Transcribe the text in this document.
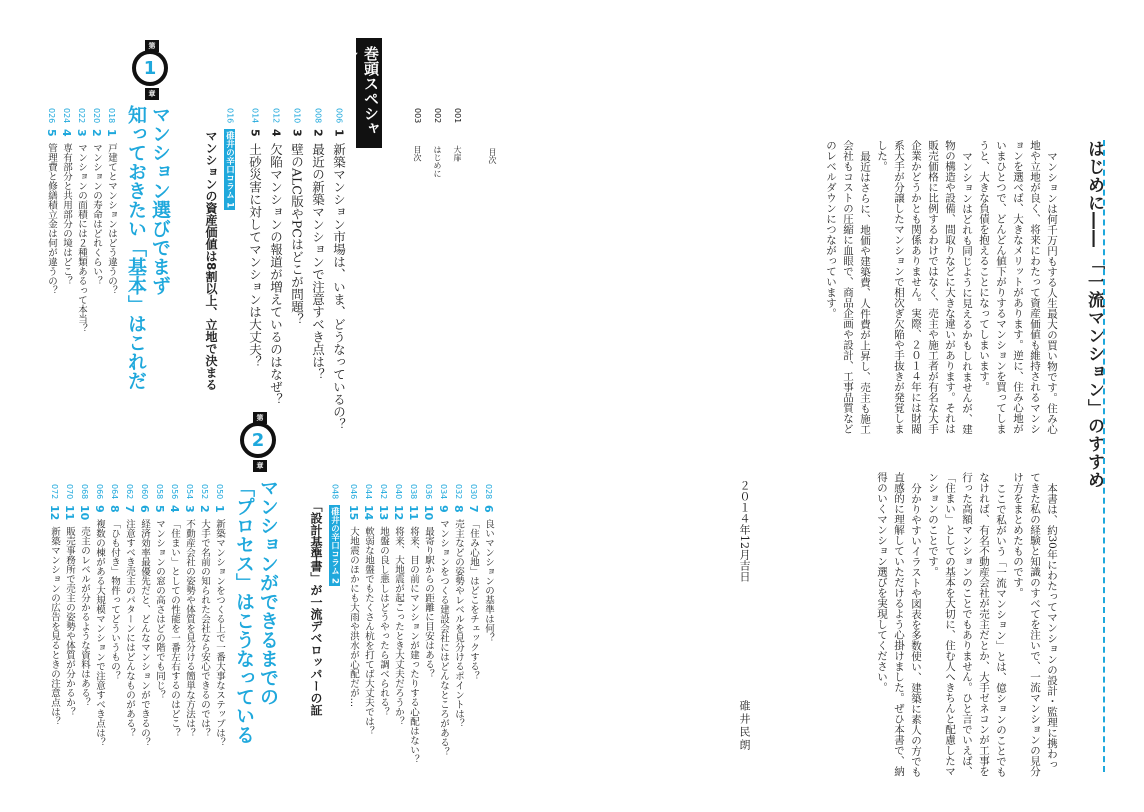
はじめに―― 「一流マンション」のすすめ

マンションは何千万円もする人生最大の買い物です。住み心地や立地が良く、将来にわたって資産価値も維持されるマンションを選べば、大きなメリットがあります。逆に、住み心地がいまひとつで、どんどん値下がりするマンションを買ってしまうと、大きな負債を抱えることになってしまいます。

マンションはどれも同じように見えるかもしれませんが、建物の構造や設備、間取りなどに大きな違いがあります。それは販売価格に比例するわけではなく、売主や施工者が有名な大手企業かどうかとも関係ありません。実際、２０１４年には財閥系大手が分譲したマンションで相次ぎ欠陥や手抜きが発覚しました。

最近はさらに、地価や建築費、人件費が上昇し、売主も施工会社もコストの圧縮に血眼で、商品企画や設計、工事品質などのレベルダウンにつながっています。

本書は、約30年にわたってマンションの設計・監理に携わってきた私の経験と知識のすべてを注いで、一流マンションの見分け方をまとめたものです。

ここで私がいう「一流マンション」とは、億ションのことでもなければ、有名不動産会社が売主だとか、大手ゼネコンが工事を行った高額マンションのことでもありません。ひと言でいえば、「住まい」としての基本を大切に、住む人へきちんと配慮したマンションのことです。

分かりやすいイラストや図表を多数使い、建築に素人の方でも直感的に理解していただけるよう心掛けました。ぜひ本書で、納得のいくマンション選びを実現してください。

２０１４年12月吉日
碓井民朗
目次
001大扉
002はじめに
003目次
巻頭スペシャル
0061新築マンション市場は、いま、どうなっているの？
0082最近の新築マンションで注意すべき点は？
0103壁のALC版やPCはどこが問題？
0124欠陥マンションの報道が増えているのはなぜ？
0145土砂災害に対してマンションは大丈夫？
016碓井の辛口コラム 1
マンションの資産価値は8割以上、立地で決まる
第
1
章
マンション選びでまず
知っておきたい「基本」はこれだ
0181戸建てとマンションはどう違うの？
0202マンションの寿命はどれくらい？
0223マンションの面積には２種類あるって本当？
0244専有部分と共用部分の境はどこ？
0265管理費と修繕積立金は何が違うの？
第
2
章
マンションができるまでの
「プロセス」はこうなっている	0286良いマンションの基準は何？
0307「住み心地」はどこをチェックする？
0328売主などの姿勢やレベルを見分けるポイントは？
0349マンションをつくる建設会社にはどんなところがある？
03610最寄り駅からの距離に目安はある？
03811将来、目の前にマンションが建ったりする心配はない？
04012将来、大地震が起こったとき大丈夫だろうか？
04213地盤の良し悪しはどうやったら調べられる？
04414軟弱な地盤でもたくさん杭を打てば大丈夫では？
04615大地震のほかにも大雨や洪水が心配だが…
048碓井の辛口コラム 2
「設計基準書」が一流デベロッパーの証
0501新築マンションをつくる上で一番大事なステップは？
0522大手で名前の知られた会社なら安心できるのでは？
0543不動産会社の姿勢や体質を見分ける簡単な方法は？
0564「住まい」としての性能を一番左右するのはどこ？
0585マンションの窓の高さはどの階でも同じ？
0606経済効率最優先だと、どんなマンションができるの？
0627注意すべき売主のパターンにはどんなものがある？
0648「ひも付き」物件ってどういうもの？
0669複数の棟がある大規模マンションで注意すべき点は？
06810売主のレベルが分かるような資料はある？
07011販売事務所で売主の姿勢や体質が分かるか？
07212新築マンションの広告を見るときの注意点は？
